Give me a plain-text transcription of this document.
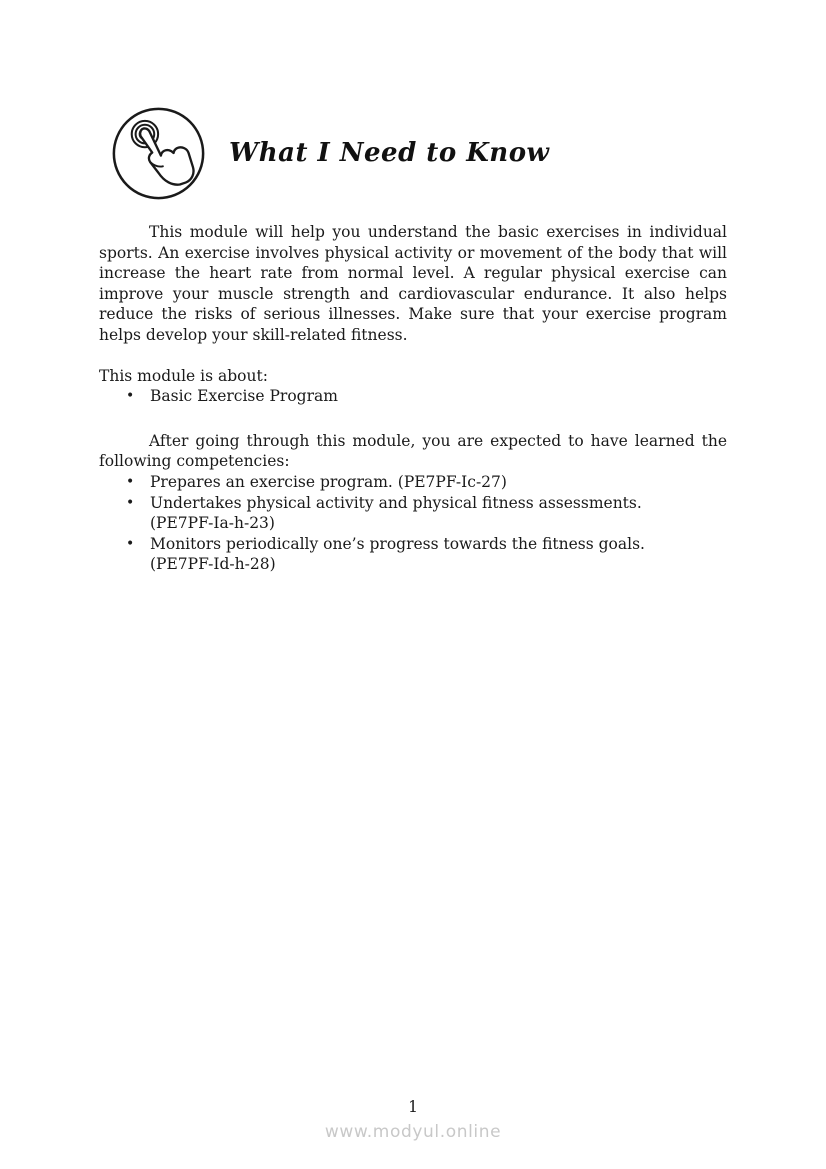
What I Need to Know

This module will help you understand the basic exercises in individual sports. An exercise involves physical activity or movement of the body that will increase the heart rate from normal level. A regular physical exercise can improve your muscle strength and cardiovascular endurance. It also helps reduce the risks of serious illnesses. Make sure that your exercise program helps develop your skill-related fitness.

This module is about:

• Basic Exercise Program

After going through this module, you are expected to have learned the following competencies:

• Prepares an exercise program. (PE7PF-Ic-27)
• Undertakes physical activity and physical fitness assessments.
(PE7PF-Ia-h-23)
• Monitors periodically one’s progress towards the fitness goals.
(PE7PF-Id-h-28)
1
www.modyul.online
